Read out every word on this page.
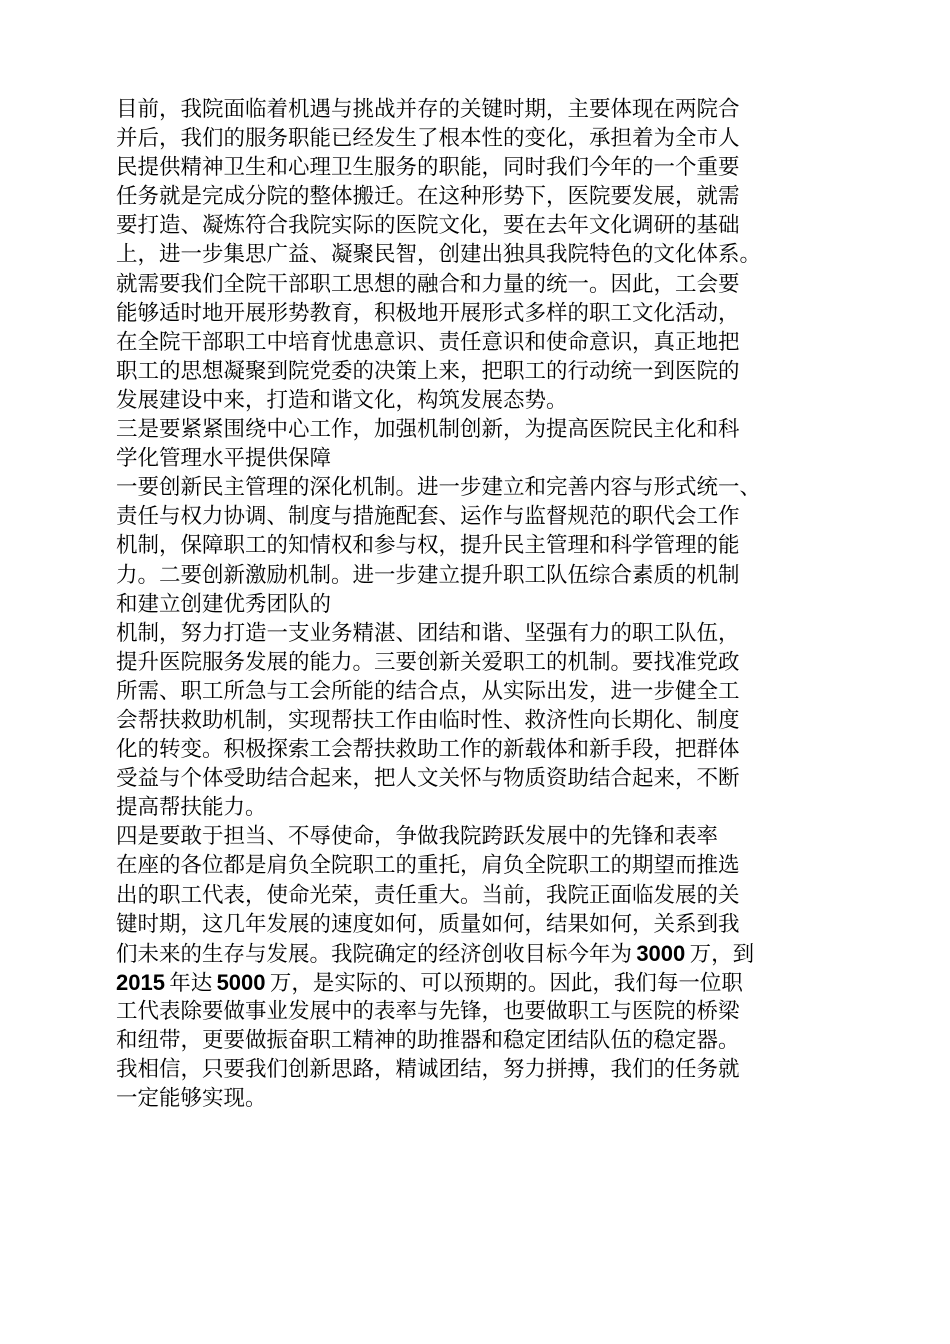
目前，我院面临着机遇与挑战并存的关键时期，主要体现在两院合
并后，我们的服务职能已经发生了根本性的变化，承担着为全市人
民提供精神卫生和心理卫生服务的职能，同时我们今年的一个重要
任务就是完成分院的整体搬迁。在这种形势下，医院要发展，就需
要打造、凝炼符合我院实际的医院文化，要在去年文化调研的基础
上，进一步集思广益、凝聚民智，创建出独具我院特色的文化体系。
就需要我们全院干部职工思想的融合和力量的统一。因此，工会要
能够适时地开展形势教育，积极地开展形式多样的职工文化活动，
在全院干部职工中培育忧患意识、责任意识和使命意识，真正地把
职工的思想凝聚到院党委的决策上来，把职工的行动统一到医院的
发展建设中来，打造和谐文化，构筑发展态势。
三是要紧紧围绕中心工作，加强机制创新，为提高医院民主化和科
学化管理水平提供保障
一要创新民主管理的深化机制。进一步建立和完善内容与形式统一、
责任与权力协调、制度与措施配套、运作与监督规范的职代会工作
机制，保障职工的知情权和参与权，提升民主管理和科学管理的能
力。二要创新激励机制。进一步建立提升职工队伍综合素质的机制
和建立创建优秀团队的
机制，努力打造一支业务精湛、团结和谐、坚强有力的职工队伍，
提升医院服务发展的能力。三要创新关爱职工的机制。要找准党政
所需、职工所急与工会所能的结合点，从实际出发，进一步健全工
会帮扶救助机制，实现帮扶工作由临时性、救济性向长期化、制度
化的转变。积极探索工会帮扶救助工作的新载体和新手段，把群体
受益与个体受助结合起来，把人文关怀与物质资助结合起来，不断
提高帮扶能力。
四是要敢于担当、不辱使命，争做我院跨跃发展中的先锋和表率
在座的各位都是肩负全院职工的重托，肩负全院职工的期望而推选
出的职工代表，使命光荣，责任重大。当前，我院正面临发展的关
键时期，这几年发展的速度如何，质量如何，结果如何，关系到我
们未来的生存与发展。我院确定的经济创收目标今年为  3000  万，到
2015  年达  5000  万，是实际的、可以预期的。因此，我们每一位职
工代表除要做事业发展中的表率与先锋，也要做职工与医院的桥梁
和纽带，更要做振奋职工精神的助推器和稳定团结队伍的稳定器。
我相信，只要我们创新思路，精诚团结，努力拼搏，我们的任务就
一定能够实现。
